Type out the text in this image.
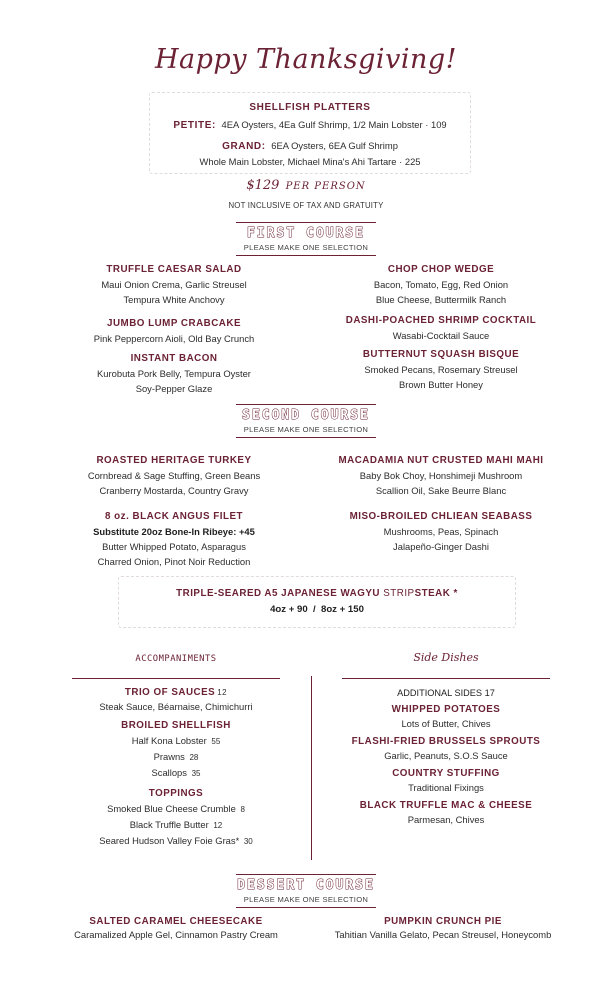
Happy Thanksgiving!
SHELLFISH PLATTERS
PETITE: 4EA Oysters, 4Ea Gulf Shrimp, 1/2 Main Lobster · 109
GRAND: 6EA Oysters, 6EA Gulf Shrimp
Whole Main Lobster, Michael Mina's Ahi Tartare · 225
$129 PER PERSON
NOT INCLUSIVE OF TAX AND GRATUITY
FIRST COURSE
PLEASE MAKE ONE SELECTION
TRUFFLE CAESAR SALAD
Maui Onion Crema, Garlic Streusel
Tempura White Anchovy
JUMBO LUMP CRABCAKE
Pink Peppercorn Aioli, Old Bay Crunch
INSTANT BACON
Kurobuta Pork Belly, Tempura Oyster
Soy-Pepper Glaze
CHOP CHOP WEDGE
Bacon, Tomato, Egg, Red Onion
Blue Cheese, Buttermilk Ranch
DASHI-POACHED SHRIMP COCKTAIL
Wasabi-Cocktail Sauce
BUTTERNUT SQUASH BISQUE
Smoked Pecans, Rosemary Streusel
Brown Butter Honey
SECOND COURSE
PLEASE MAKE ONE SELECTION
ROASTED HERITAGE TURKEY
Cornbread & Sage Stuffing, Green Beans
Cranberry Mostarda, Country Gravy
8 oz. BLACK ANGUS FILET
Substitute 20oz Bone-In Ribeye: +45
Butter Whipped Potato, Asparagus
Charred Onion, Pinot Noir Reduction
MACADAMIA NUT CRUSTED MAHI MAHI
Baby Bok Choy, Honshimeji Mushroom
Scallion Oil, Sake Beurre Blanc
MISO-BROILED CHLIEAN SEABASS
Mushrooms, Peas, Spinach
Jalapeño-Ginger Dashi
TRIPLE-SEARED A5 JAPANESE WAGYU STRIPSTEAK *
4oz + 90  /  8oz + 150
ACCOMPANIMENTS	Side Dishes
TRIO OF SAUCES 12
Steak Sauce, Béarnaise, Chimichurri
BROILED SHELLFISH
Half Kona Lobster 55
Prawns 28
Scallops 35
TOPPINGS
Smoked Blue Cheese Crumble 8
Black Truffle Butter 12
Seared Hudson Valley Foie Gras* 30
ADDITIONAL SIDES 17
WHIPPED POTATOES
Lots of Butter, Chives
FLASHI-FRIED BRUSSELS SPROUTS
Garlic, Peanuts, S.O.S Sauce
COUNTRY STUFFING
Traditional Fixings
BLACK TRUFFLE MAC & CHEESE
Parmesan, Chives
DESSERT COURSE
PLEASE MAKE ONE SELECTION
SALTED CARAMEL CHEESECAKE
Caramalized Apple Gel, Cinnamon Pastry Cream
PUMPKIN CRUNCH PIE
Tahitian Vanilla Gelato, Pecan Streusel, Honeycomb
